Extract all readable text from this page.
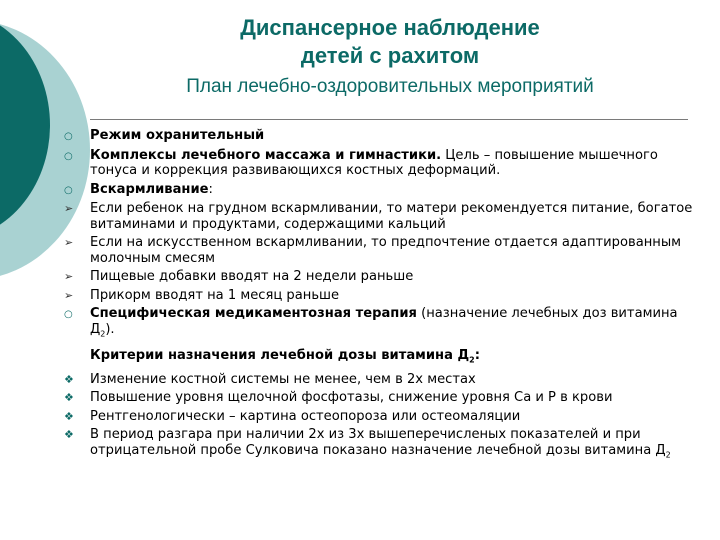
Диспансерное наблюдение
детей с рахитом
План лечебно-оздоровительных мероприятий
○
Режим охранительный
○
Комплексы лечебного массажа и гимнастики. Цель – повышение мышечного тонуса и коррекция развивающихся костных деформаций.
○
Вскармливание:
➢
Если ребенок на грудном вскармливании, то матери рекомендуется питание, богатое витаминами и продуктами, содержащими кальций
➢
Если на искусственном вскармливании, то предпочтение отдается адаптированным молочным смесям
➢
Пищевые добавки вводят на 2 недели раньше
➢
Прикорм вводят на 1 месяц раньше
○
Специфическая медикаментозная терапия (назначение лечебных доз витамина $Д_2$).
Критерии назначения лечебной дозы витамина $Д_2$:
❖
Изменение костной системы не менее, чем в 2х местах
❖
Повышение уровня щелочной фосфотазы, снижение уровня Са и Р в крови
❖
Рентгенологически – картина остеопороза или остеомаляции
❖
В период разгара при наличии 2х из 3х вышеперечисленых показателей и при отрицательной пробе Сулковича показано назначение лечебной дозы витамина $Д_2$
